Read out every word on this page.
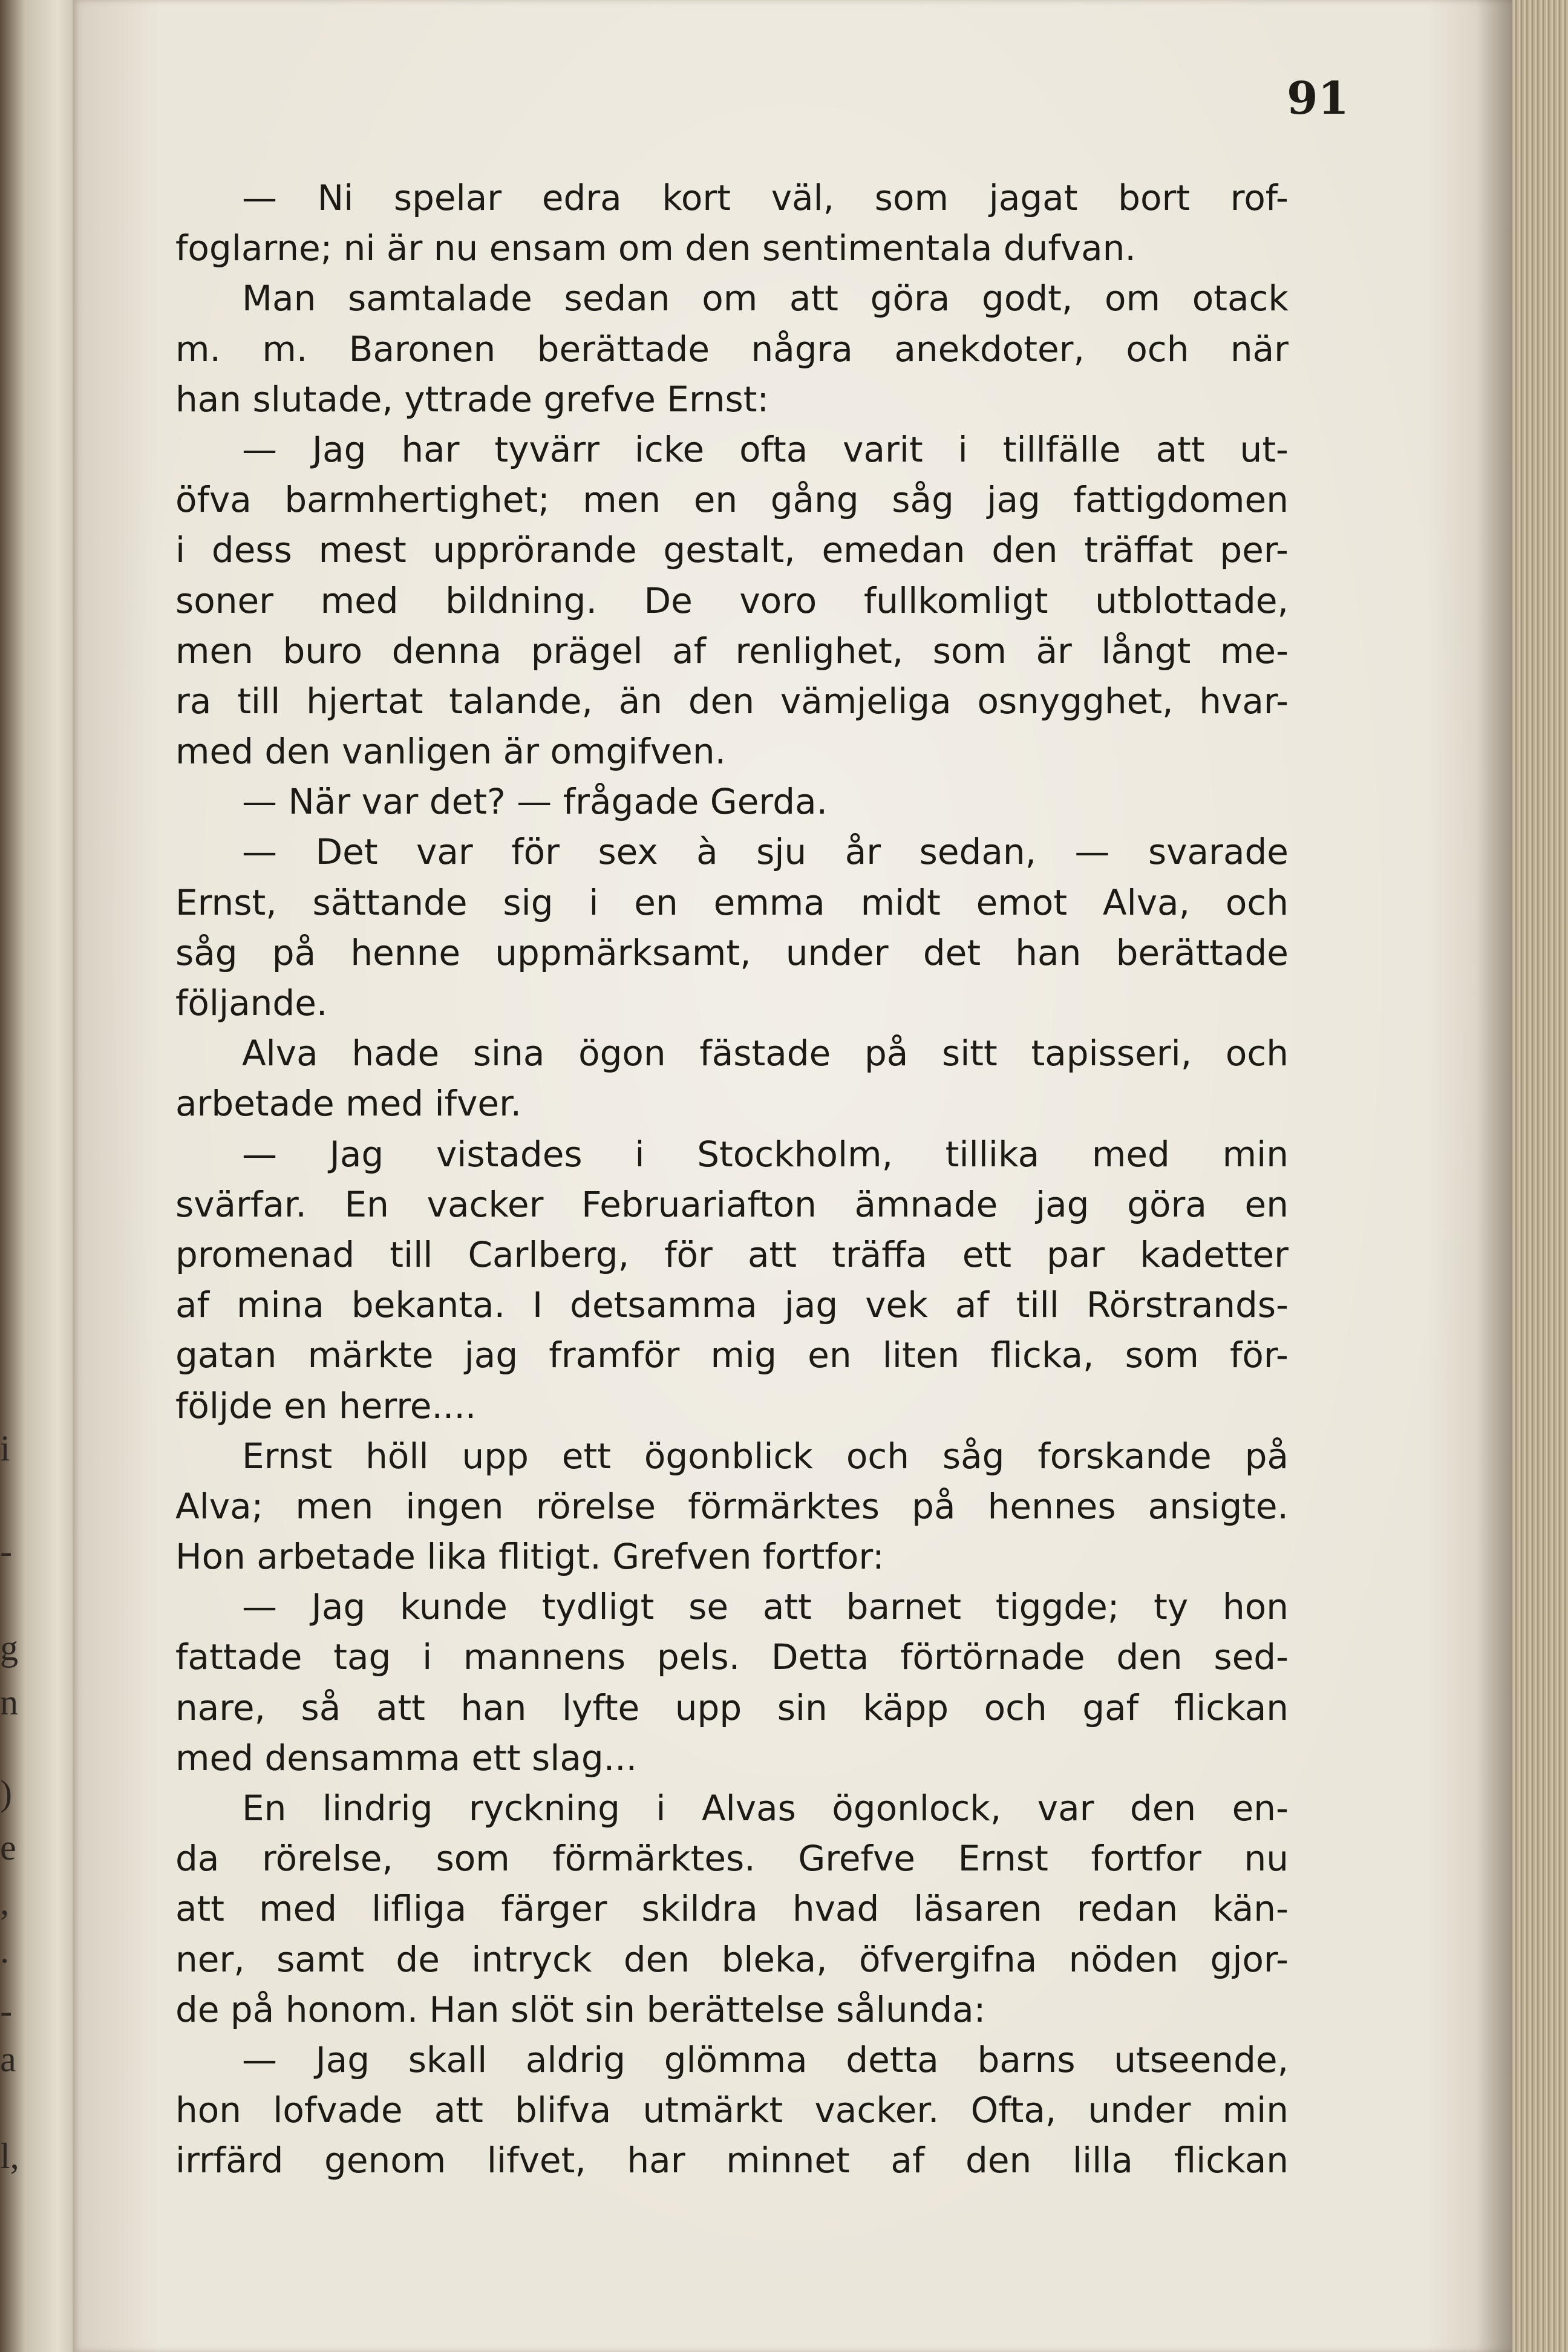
i
-
g
n
)
e
,
.
-
a
l,
91
— Ni spelar edra kort väl, som jagat bort rof-
foglarne; ni är nu ensam om den sentimentala dufvan.
Man samtalade sedan om att göra godt, om otack
m. m. Baronen berättade några anekdoter, och när
han slutade, yttrade grefve Ernst:
— Jag har tyvärr icke ofta varit i tillfälle att ut-
öfva barmhertighet; men en gång såg jag fattigdomen
i dess mest upprörande gestalt, emedan den träffat per-
soner med bildning. De voro fullkomligt utblottade,
men buro denna prägel af renlighet, som är långt me-
ra till hjertat talande, än den vämjeliga osnygghet, hvar-
med den vanligen är omgifven.
— När var det? — frågade Gerda.
— Det var för sex à sju år sedan, — svarade
Ernst, sättande sig i en emma midt emot Alva, och
såg på henne uppmärksamt, under det han berättade
följande.
Alva hade sina ögon fästade på sitt tapisseri, och
arbetade med ifver.
— Jag vistades i Stockholm, tillika med min
svärfar. En vacker Februariafton ämnade jag göra en
promenad till Carlberg, för att träffa ett par kadetter
af mina bekanta. I detsamma jag vek af till Rörstrands-
gatan märkte jag framför mig en liten flicka, som för-
följde en herre....
Ernst höll upp ett ögonblick och såg forskande på
Alva; men ingen rörelse förmärktes på hennes ansigte.
Hon arbetade lika flitigt. Grefven fortfor:
— Jag kunde tydligt se att barnet tiggde; ty hon
fattade tag i mannens pels. Detta förtörnade den sed-
nare, så att han lyfte upp sin käpp och gaf flickan
med densamma ett slag...
En lindrig ryckning i Alvas ögonlock, var den en-
da rörelse, som förmärktes. Grefve Ernst fortfor nu
att med lifliga färger skildra hvad läsaren redan kän-
ner, samt de intryck den bleka, öfvergifna nöden gjor-
de på honom. Han slöt sin berättelse sålunda:
— Jag skall aldrig glömma detta barns utseende,
hon lofvade att blifva utmärkt vacker. Ofta, under min
irrfärd genom lifvet, har minnet af den lilla flickan
